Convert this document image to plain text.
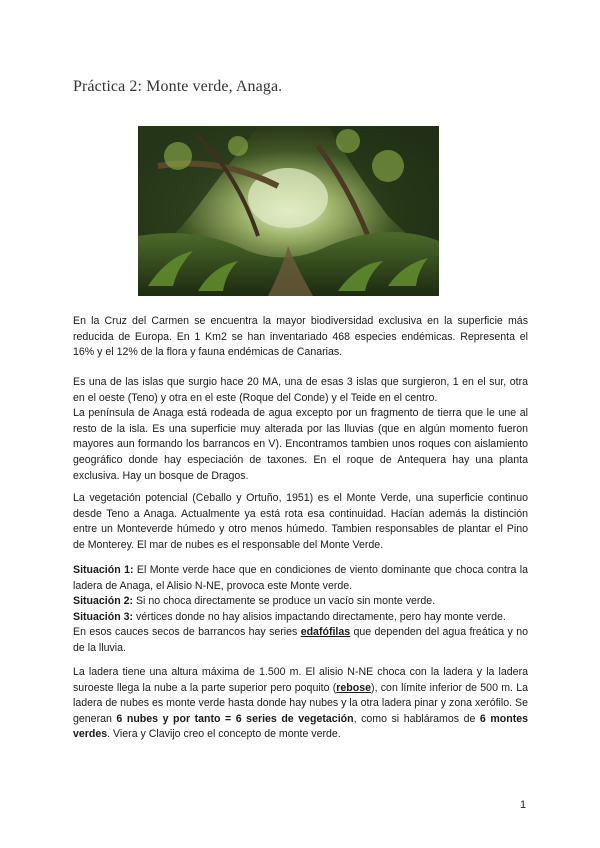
Práctica 2: Monte verde, Anaga.

En la Cruz del Carmen se encuentra la mayor biodiversidad exclusiva en la superficie más reducida de Europa. En 1 Km2 se han inventariado 468 especies endémicas. Representa el 16% y el 12% de la flora y fauna endémicas de Canarias.

Es una de las islas que surgio hace 20 MA, una de esas 3 islas que surgieron, 1 en el sur, otra en el oeste (Teno) y otra en el este (Roque del Conde) y el Teide en el centro.
La península de Anaga está rodeada de agua excepto por un fragmento de tierra que le une al resto de la isla. Es una superficie muy alterada por las lluvias (que en algún momento fueron mayores aun formando los barrancos en V). Encontramos tambien unos roques con aislamiento geográfico donde hay especiación de taxones. En el roque de Antequera hay una planta exclusiva. Hay un bosque de Dragos.

La vegetación potencial (Ceballo y Ortuño, 1951) es el Monte Verde, una superficie continuo desde Teno a Anaga. Actualmente ya está rota esa continuidad. Hacían además la distinción entre un Monteverde húmedo y otro menos húmedo. Tambien responsables de plantar el Pino de Monterey. El mar de nubes es el responsable del Monte Verde.

Situación 1: El Monte verde hace que en condiciones de viento dominante que choca contra la ladera de Anaga, el Alisio N-NE, provoca este Monte verde.
Situación 2: Si no choca directamente se produce un vacío sin monte verde.
Situación 3: vértices donde no hay alisios impactando directamente, pero hay monte verde.
En esos cauces secos de barrancos hay series edafófilas que dependen del agua freática y no de la lluvia.

La ladera tiene una altura máxima de 1.500 m. El alisio N-NE choca con la ladera y la ladera suroeste llega la nube a la parte superior pero poquito (rebose), con límite inferior de 500 m. La ladera de nubes es monte verde hasta donde hay nubes y la otra ladera pinar y zona xerófilo. Se generan 6 nubes y por tanto = 6 series de vegetación, como si habláramos de 6 montes verdes. Viera y Clavijo creo el concepto de monte verde.

1
